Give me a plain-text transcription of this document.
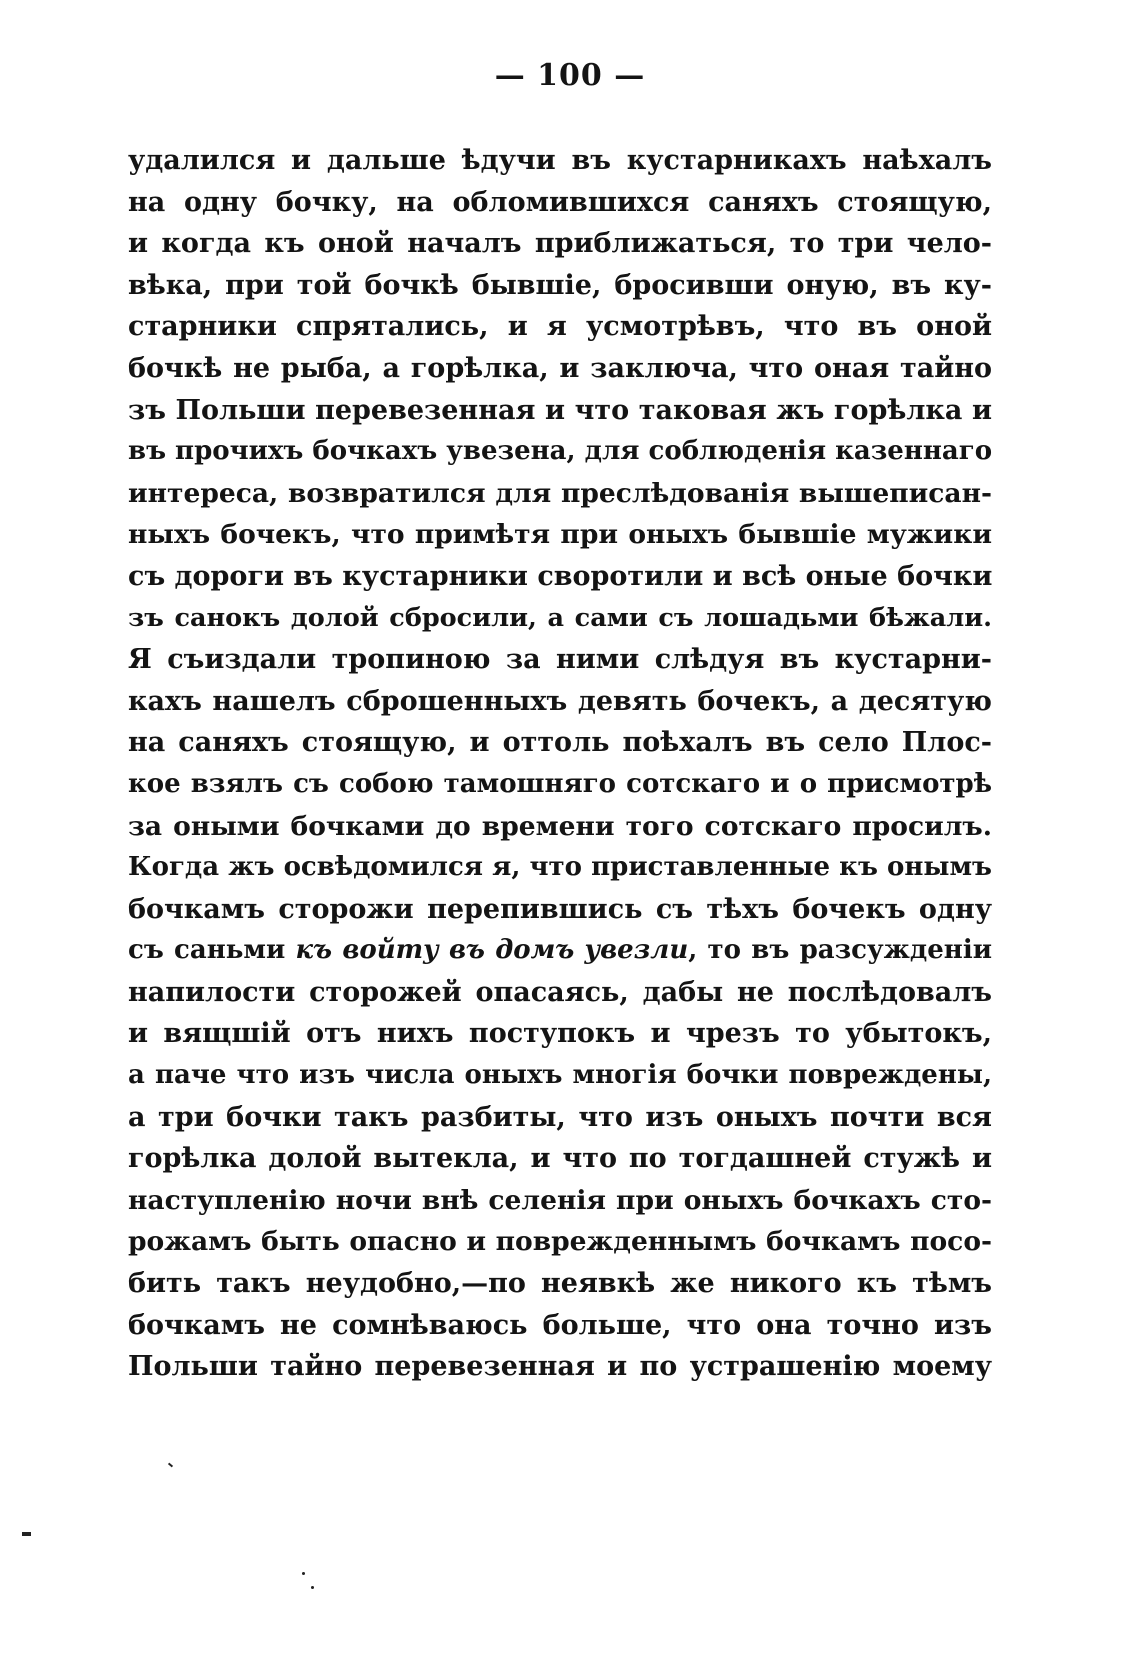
— 100 —
удалился и дальше ѣдучи въ кустарникахъ наѣхалъ
на одну бочку, на обломившихся саняхъ стоящую,
и когда къ оной началъ приближаться, то три чело-
вѣка, при той бочкѣ бывшіе, бросивши оную, въ ку-
старники спрятались, и я усмотрѣвъ, что въ оной
бочкѣ не рыба, а горѣлка, и заключа, что оная тайно
зъ Польши перевезенная и что таковая жъ горѣлка и
въ прочихъ бочкахъ увезена, для соблюденія казеннаго
интереса, возвратился для преслѣдованія вышеписан-
ныхъ бочекъ, что примѣтя при оныхъ бывшіе мужики
съ дороги въ кустарники своротили и всѣ оные бочки
зъ санокъ долой сбросили, а сами съ лошадьми бѣжали.
Я съиздали тропиною за ними слѣдуя въ кустарни-
кахъ нашелъ сброшенныхъ девять бочекъ, а десятую
на саняхъ стоящую, и оттоль поѣхалъ въ село Плос-
кое взялъ съ собою тамошняго сотскаго и о присмотрѣ
за оными бочками до времени того сотскаго просилъ.
Когда жъ освѣдомился я, что приставленные къ онымъ
бочкамъ сторожи перепившись съ тѣхъ бочекъ одну
съ саньми къ войту въ домъ увезли, то въ разсужденіи
напилости сторожей опасаясь, дабы не послѣдовалъ
и вящшій отъ нихъ поступокъ и чрезъ то убытокъ,
а паче что изъ числа оныхъ многія бочки повреждены,
а три бочки такъ разбиты, что изъ оныхъ почти вся
горѣлка долой вытекла, и что по тогдашней стужѣ и
наступленію ночи внѣ селенія при оныхъ бочкахъ сто-
рожамъ быть опасно и поврежденнымъ бочкамъ посо-
бить такъ неудобно,—по неявкѣ же никого къ тѣмъ
бочкамъ не сомнѣваюсь больше, что она точно изъ
Польши тайно перевезенная и по устрашенію моему
